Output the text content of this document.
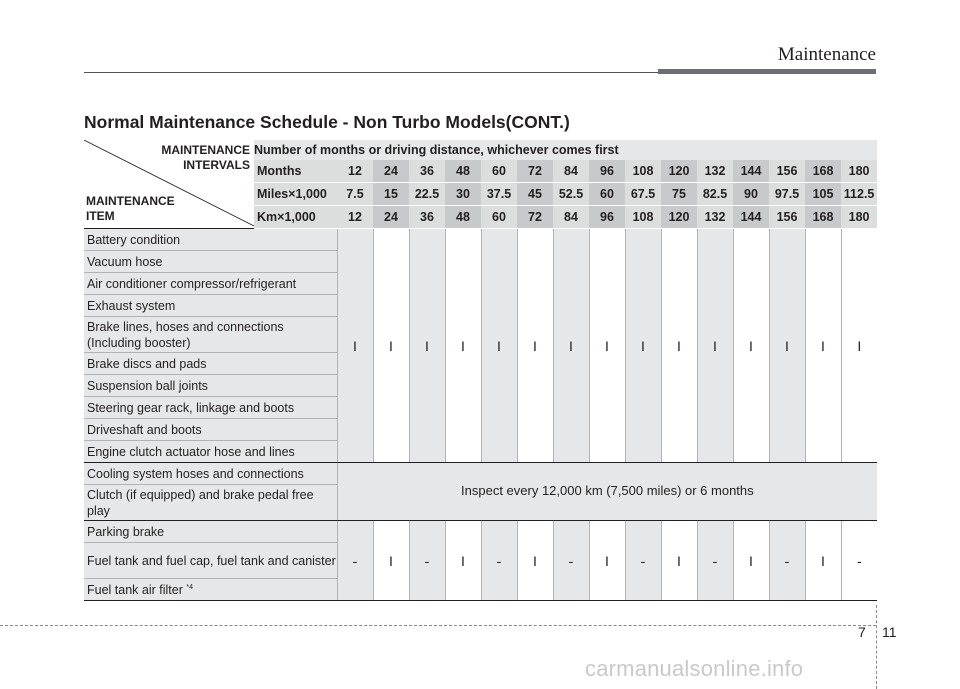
Maintenance
Normal Maintenance Schedule - Non Turbo Models(CONT.)
MAINTENANCE
INTERVALS
MAINTENANCE
ITEM	Number of months or driving distance, whichever comes first															
	Months	12	24	36	48	60	72	84	96	108	120	132	144	156	168	180
	Miles×1,000	7.5	15	22.5	30	37.5	45	52.5	60	67.5	75	82.5	90	97.5	105	112.5
	Km×1,000	12	24	36	48	60	72	84	96	108	120	132	144	156	168	180
Battery condition		I	I	I	I	I	I	I	I	I	I	I	I	I	I	I
Vacuum hose																
Air conditioner compressor/refrigerant																
Exhaust system																
Brake lines, hoses and connections (Including booster)																
Brake discs and pads																
Suspension ball joints																
Steering gear rack, linkage and boots																
Driveshaft and boots																
Engine clutch actuator hose and lines																
Cooling system hoses and connections		Inspect every 12,000 km (7,500 miles) or 6 months														
Clutch (if equipped) and brake pedal free play																
Parking brake		-	I	-	I	-	I	-	I	-	I	-	I	-	I	-
Fuel tank and fuel cap, fuel tank and canister																
Fuel tank air filter $^{*4}$
7 11
carmanualsonline.info
